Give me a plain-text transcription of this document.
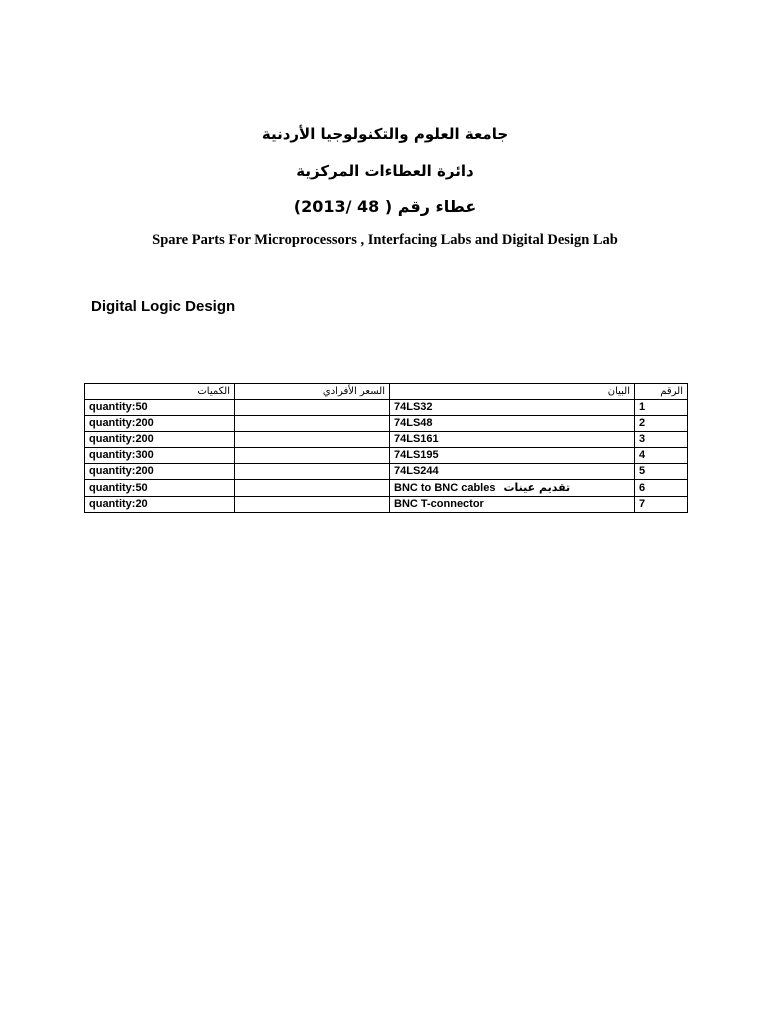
جامعة العلوم والتكنولوجيا الأردنية
دائرة العطاءات المركزية
عطاء رقم ( 48 /2013)
Spare Parts For Microprocessors , Interfacing Labs and Digital Design Lab
Digital Logic Design
الكميات	السعر الأفرادي	البيان	الرقم
quantity:50		74LS32	1
quantity:200		74LS48	2
quantity:200		74LS161	3
quantity:300		74LS195	4
quantity:200		74LS244	5
quantity:50		BNC to BNC cables تقديم عينات	6
quantity:20		BNC T-connector	7
